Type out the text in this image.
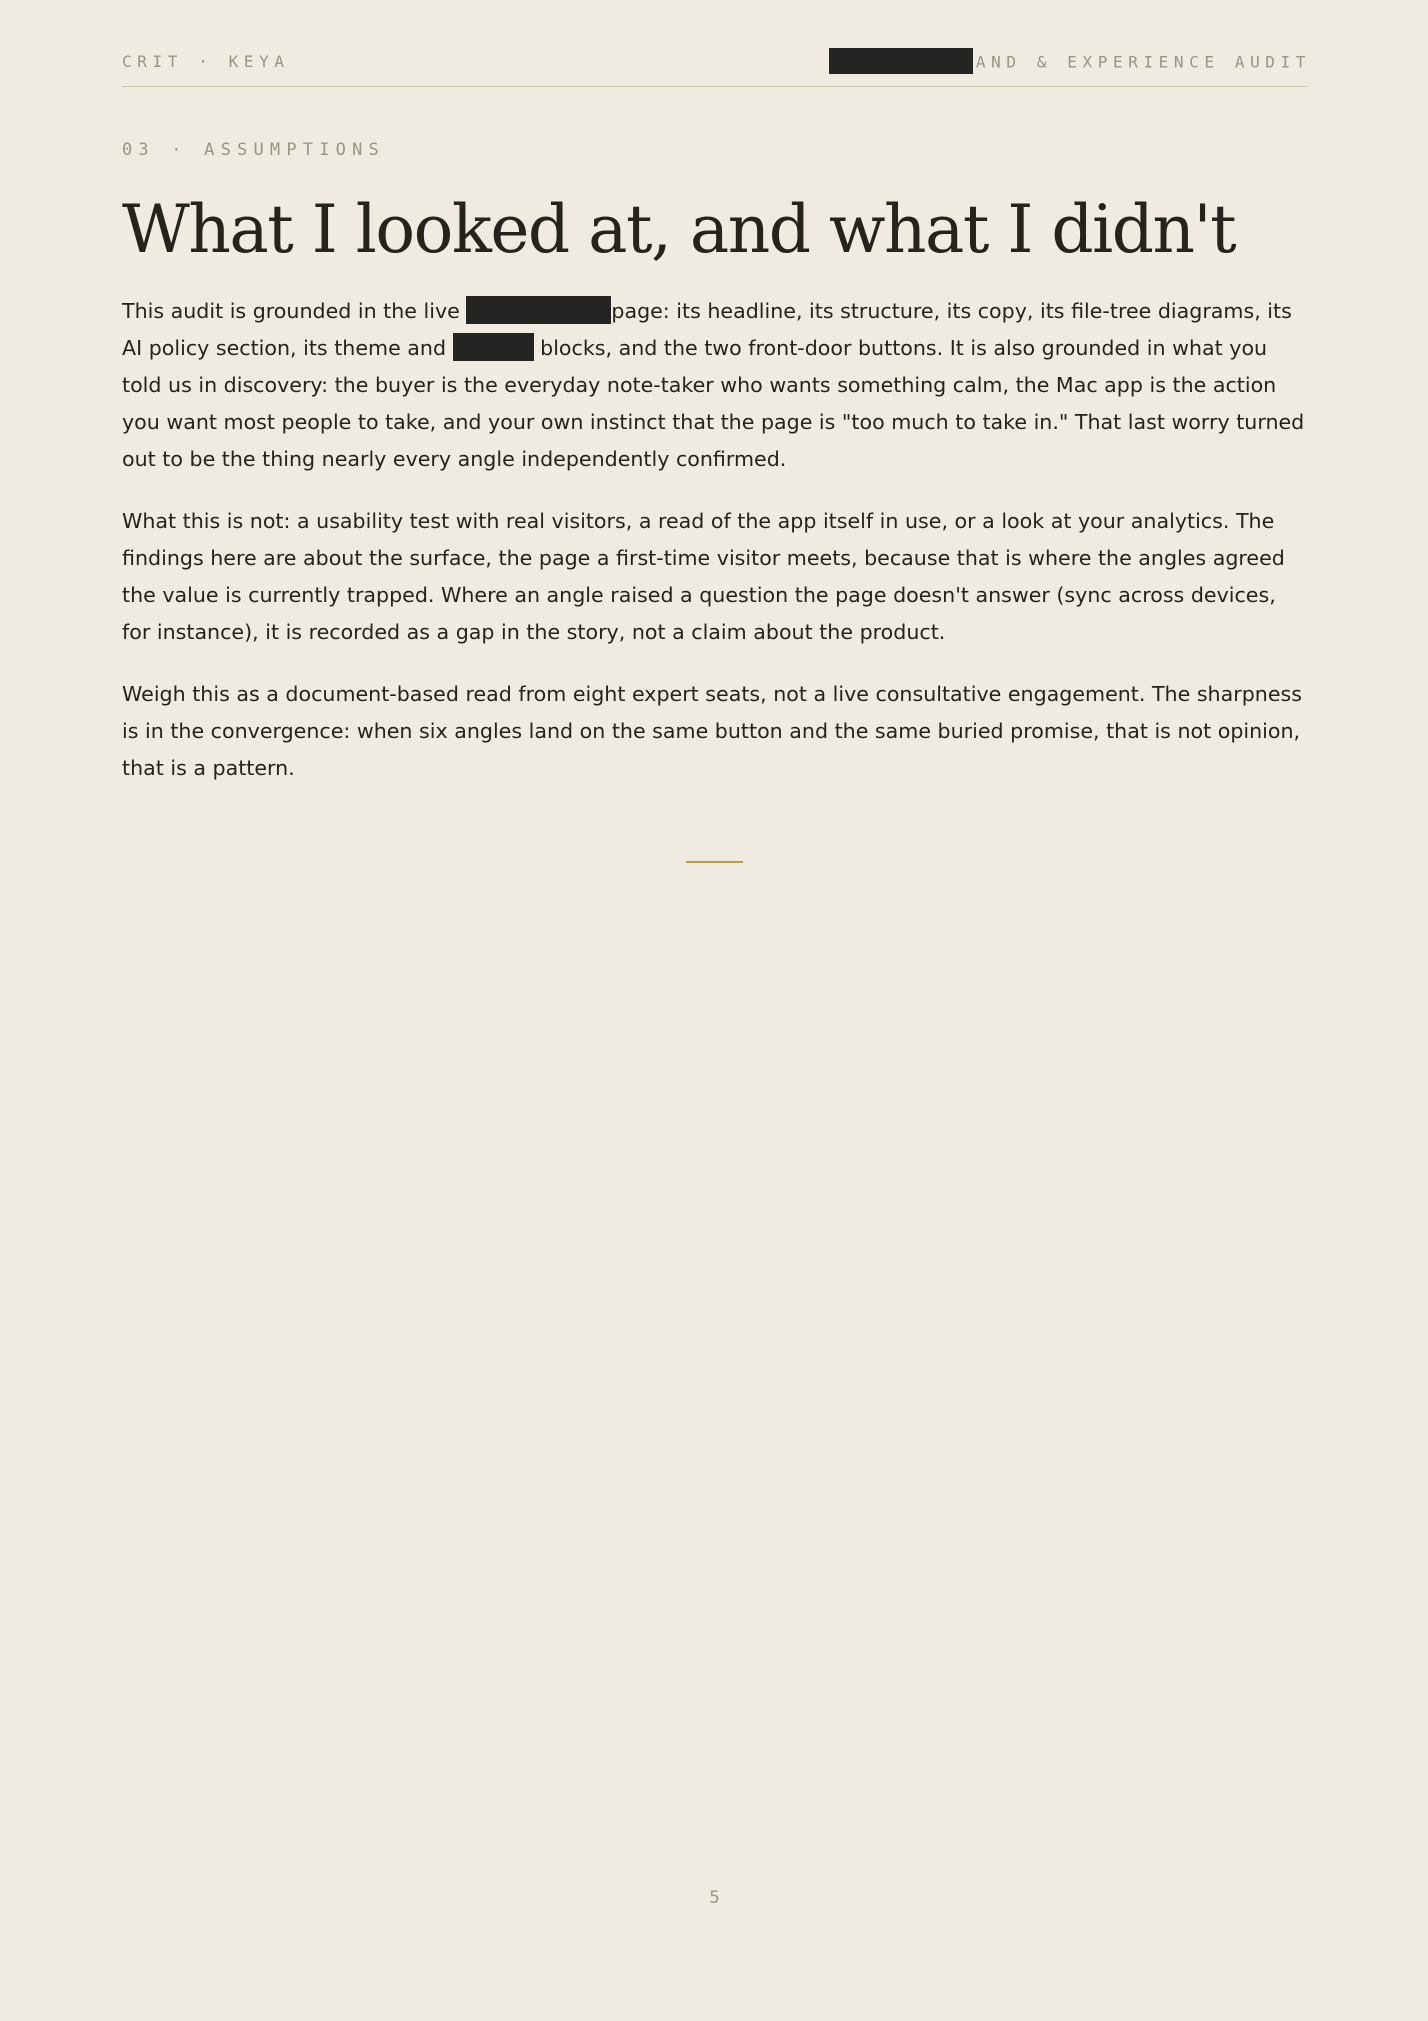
CRIT · KEYA	AND & EXPERIENCE AUDIT
03 · ASSUMPTIONS
What I looked at, and what I didn't

This audit is grounded in the live	page: its headline, its structure, its copy, its file-tree diagrams, its AI policy section, its theme and	blocks, and the two front-door buttons. It is also grounded in what you told us in discovery: the buyer is the everyday note-taker who wants something calm, the Mac app is the action you want most people to take, and your own instinct that the page is "too much to take in." That last worry turned out to be the thing nearly every angle independently confirmed.

What this is not: a usability test with real visitors, a read of the app itself in use, or a look at your analytics. The findings here are about the surface, the page a first-time visitor meets, because that is where the angles agreed the value is currently trapped. Where an angle raised a question the page doesn't answer (sync across devices, for instance), it is recorded as a gap in the story, not a claim about the product.

Weigh this as a document-based read from eight expert seats, not a live consultative engagement. The sharpness is in the convergence: when six angles land on the same button and the same buried promise, that is not opinion, that is a pattern.

5
